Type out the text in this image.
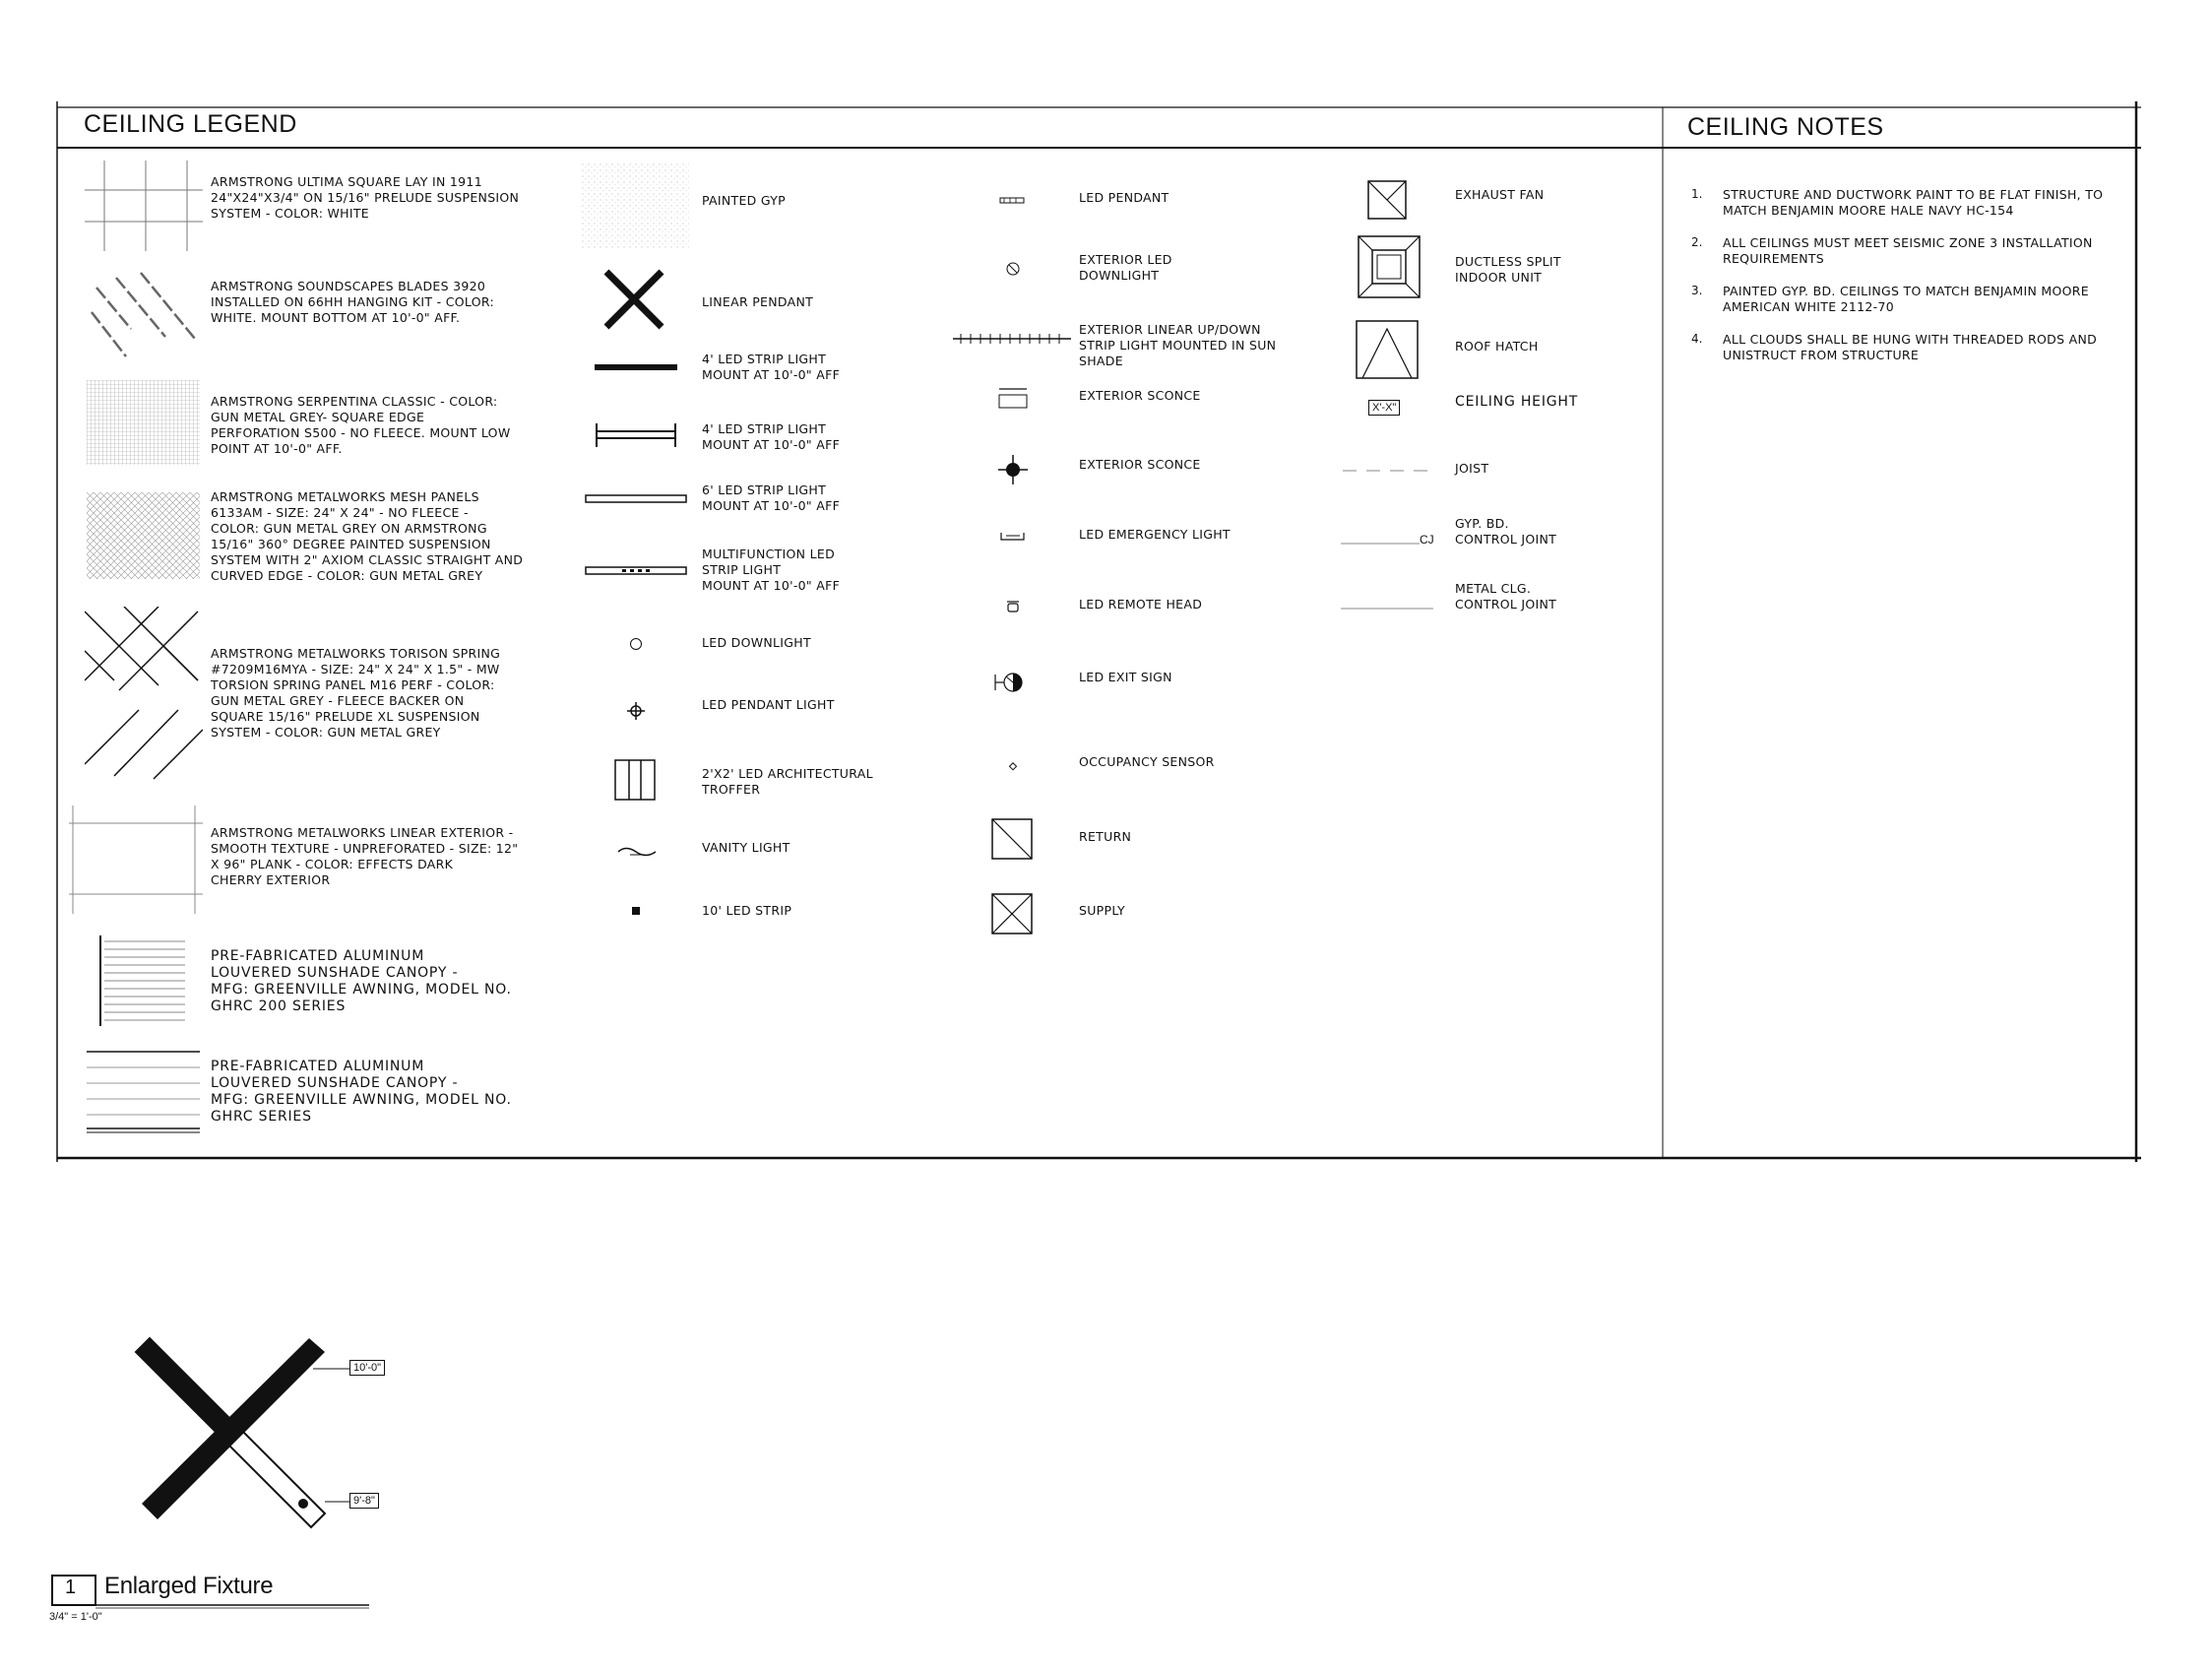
CEILING LEGEND	CEILING NOTES
ARMSTRONG ULTIMA SQUARE LAY IN 1911
24"X24"X3/4" ON 15/16" PRELUDE SUSPENSION
SYSTEM - COLOR: WHITE
ARMSTRONG SOUNDSCAPES BLADES 3920
INSTALLED ON 66HH HANGING KIT - COLOR:
WHITE. MOUNT BOTTOM AT 10'-0" AFF.
ARMSTRONG SERPENTINA CLASSIC - COLOR:
GUN METAL GREY- SQUARE EDGE
PERFORATION S500 - NO FLEECE. MOUNT LOW
POINT AT 10'-0" AFF.
ARMSTRONG METALWORKS MESH PANELS
6133AM - SIZE: 24" X 24" - NO FLEECE -
COLOR: GUN METAL GREY ON ARMSTRONG
15/16" 360° DEGREE PAINTED SUSPENSION
SYSTEM WITH 2" AXIOM CLASSIC STRAIGHT AND
CURVED EDGE - COLOR: GUN METAL GREY
ARMSTRONG METALWORKS TORISON SPRING
#7209M16MYA - SIZE: 24" X 24" X 1.5" - MW
TORSION SPRING PANEL M16 PERF - COLOR:
GUN METAL GREY - FLEECE BACKER ON
SQUARE 15/16" PRELUDE XL SUSPENSION
SYSTEM - COLOR: GUN METAL GREY
ARMSTRONG METALWORKS LINEAR EXTERIOR -
SMOOTH TEXTURE - UNPREFORATED - SIZE: 12"
X 96" PLANK - COLOR: EFFECTS DARK
CHERRY EXTERIOR
PRE-FABRICATED ALUMINUM
LOUVERED SUNSHADE CANOPY -
MFG: GREENVILLE AWNING, MODEL NO.
GHRC 200 SERIES
PRE-FABRICATED ALUMINUM
LOUVERED SUNSHADE CANOPY -
MFG: GREENVILLE AWNING, MODEL NO.
GHRC SERIES
PAINTED GYP
LINEAR PENDANT
4' LED STRIP LIGHT
MOUNT AT 10'-0" AFF
4' LED STRIP LIGHT
MOUNT AT 10'-0" AFF
6' LED STRIP LIGHT
MOUNT AT 10'-0" AFF
MULTIFUNCTION LED
STRIP LIGHT
MOUNT AT 10'-0" AFF
LED DOWNLIGHT
LED PENDANT LIGHT
2'X2' LED ARCHITECTURAL
TROFFER
VANITY LIGHT
10' LED STRIP
LED PENDANT
EXTERIOR LED
DOWNLIGHT
EXTERIOR LINEAR UP/DOWN
STRIP LIGHT MOUNTED IN SUN
SHADE
EXTERIOR SCONCE
EXTERIOR SCONCE
LED EMERGENCY LIGHT
LED REMOTE HEAD
LED EXIT SIGN
OCCUPANCY SENSOR
RETURN
SUPPLY
EXHAUST FAN
DUCTLESS SPLIT
INDOOR UNIT
ROOF HATCH
X'-X"	CEILING HEIGHT
JOIST
CJ
GYP. BD.
CONTROL JOINT
METAL CLG.
CONTROL JOINT
1. STRUCTURE AND DUCTWORK PAINT TO BE FLAT FINISH, TO
MATCH BENJAMIN MOORE HALE NAVY HC-154
2. ALL CEILINGS MUST MEET SEISMIC ZONE 3 INSTALLATION
REQUIREMENTS
3. PAINTED GYP. BD. CEILINGS TO MATCH BENJAMIN MOORE
AMERICAN WHITE 2112-70
4. ALL CLOUDS SHALL BE HUNG WITH THREADED RODS AND
UNISTRUCT FROM STRUCTURE
10'-0"
9'-8"
1 Enlarged Fixture
3/4" = 1'-0"
